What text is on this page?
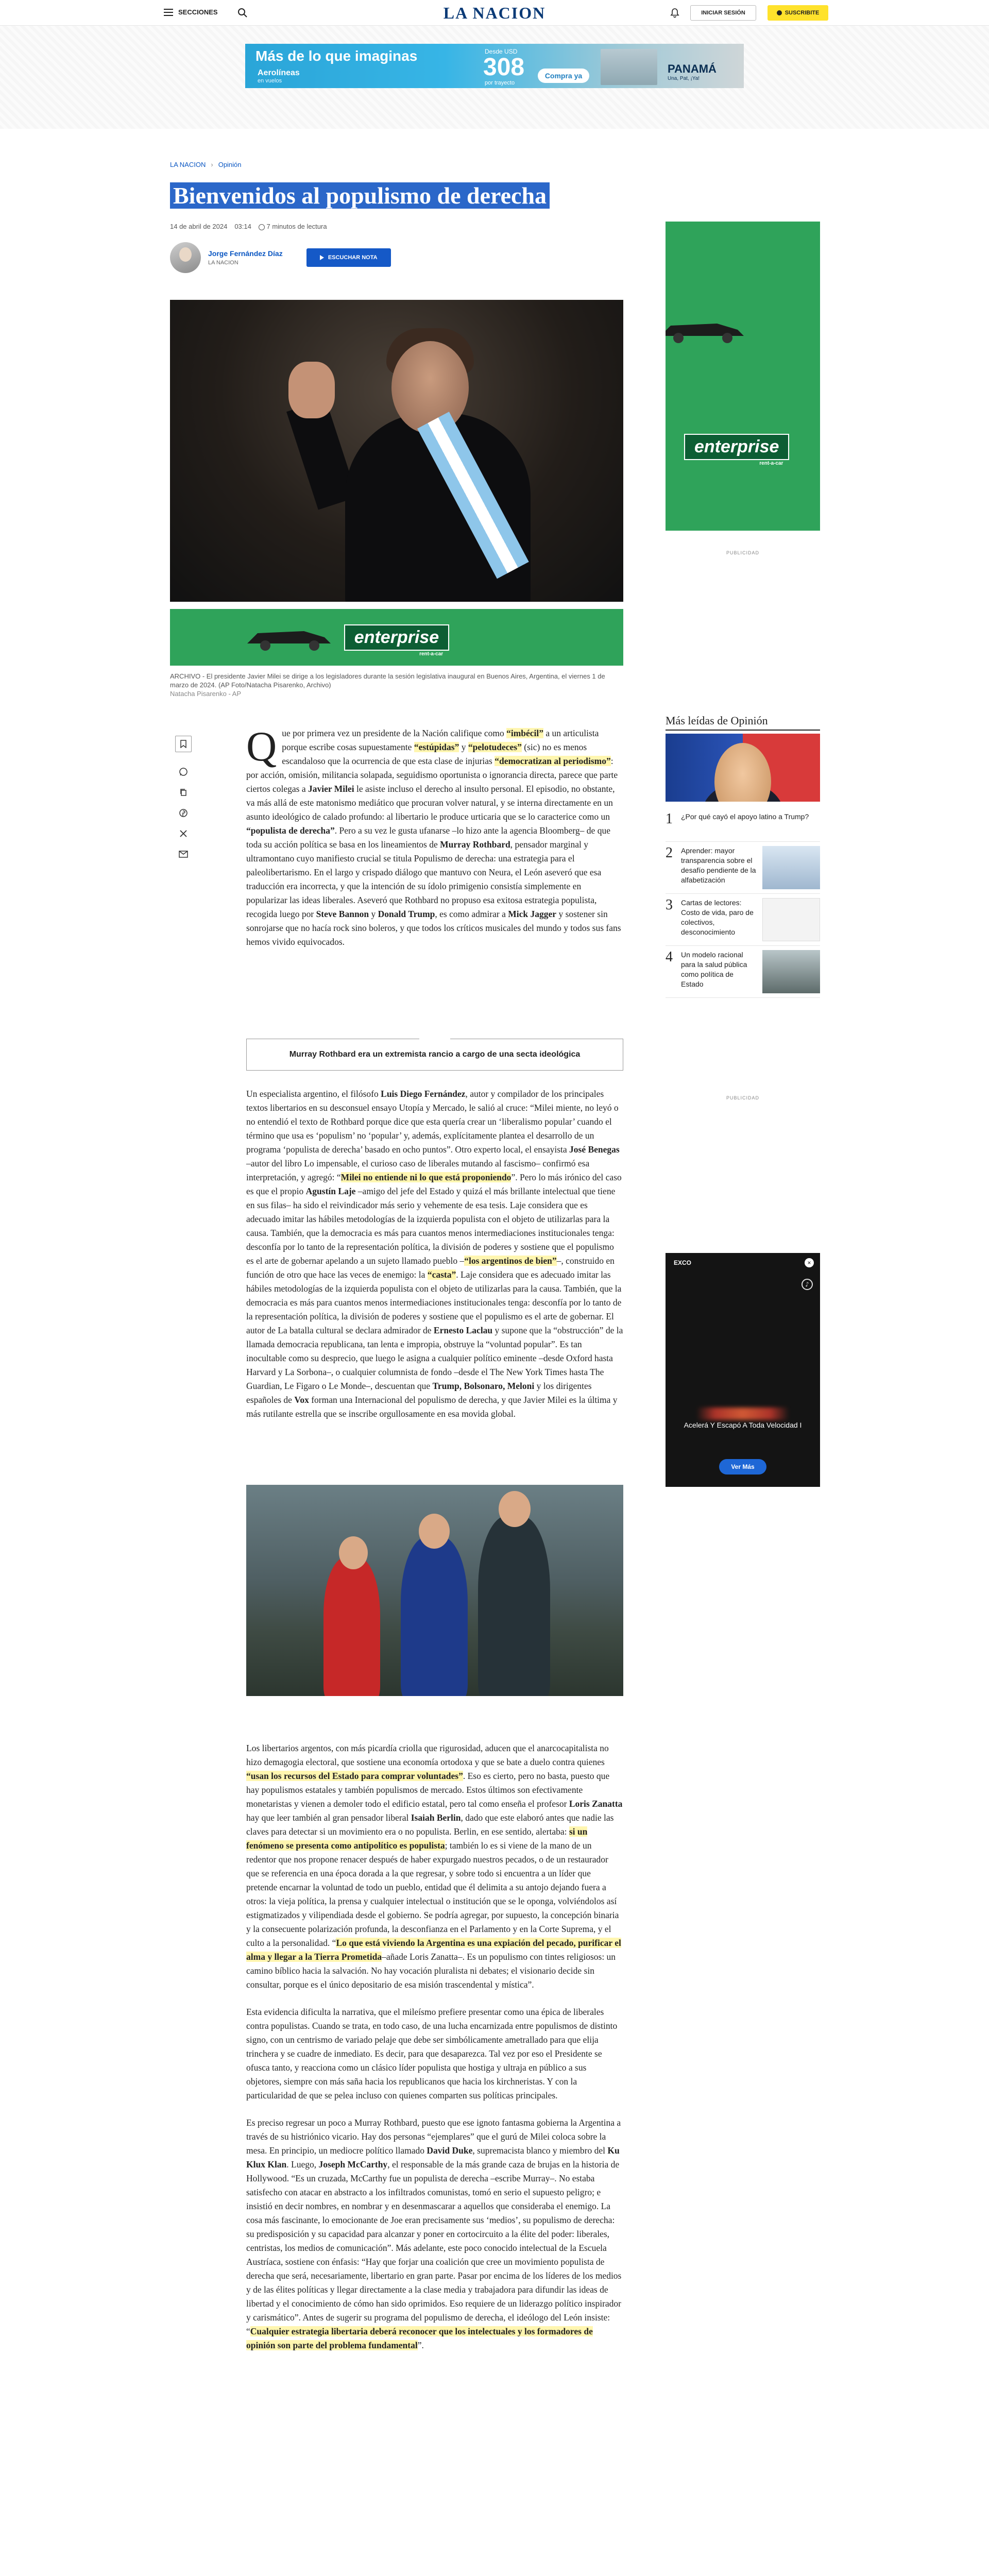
SECCIONES	LA NACION	INICIAR SESIÓN	SUSCRIBITE
Más de lo que imaginas
Aerolíneas
en vuelos
Desde USD
308
por trayecto
Compra ya
PANAMÁ
Una, Pat, ¡Ya!
LA NACION › Opinión
Bienvenidos al populismo de derecha
14 de abril de 2024 03:14	7 minutos de lectura
Jorge Fernández Díaz
LA NACION
ESCUCHAR NOTA
enterprise
rent-a-car
ARCHIVO - El presidente Javier Milei se dirige a los legisladores durante la sesión legislativa inaugural en Buenos Aires, Argentina, el viernes 1 de marzo de 2024. (AP Foto/Natacha Pisarenko, Archivo)
Natacha Pisarenko - AP

Que por primera vez un presidente de la Nación califique como “imbécil” a un articulista porque escribe cosas supuestamente “estúpidas” y “pelotudeces” (sic) no es menos escandaloso que la ocurrencia de que esta clase de injurias “democratizan al periodismo”: por acción, omisión, militancia solapada, seguidismo oportunista o ignorancia directa, parece que parte ciertos colegas a Javier Milei le asiste incluso el derecho al insulto personal. El episodio, no obstante, va más allá de este matonismo mediático que procuran volver natural, y se interna directamente en un asunto ideológico de calado profundo: al libertario le produce urticaria que se lo caracterice como un “populista de derecha”. Pero a su vez le gusta ufanarse –lo hizo ante la agencia Bloomberg– de que toda su acción política se basa en los lineamientos de Murray Rothbard, pensador marginal y ultramontano cuyo manifiesto crucial se titula Populismo de derecha: una estrategia para el paleolibertarismo. En el largo y crispado diálogo que mantuvo con Neura, el León aseveró que esa traducción era incorrecta, y que la intención de su ídolo primigenio consistía simplemente en popularizar las ideas liberales. Aseveró que Rothbard no propuso esa exitosa estrategia populista, recogida luego por Steve Bannon y Donald Trump, es como admirar a Mick Jagger y sostener sin sonrojarse que no hacía rock sino boleros, y que todos los críticos musicales del mundo y todos sus fans hemos vivido equivocados.

Murray Rothbard era un extremista rancio a cargo de una secta ideológica

Un especialista argentino, el filósofo Luis Diego Fernández, autor y compilador de los principales textos libertarios en su desconsuel ensayo Utopía y Mercado, le salió al cruce: “Milei miente, no leyó o no entendió el texto de Rothbard porque dice que esta quería crear un ‘liberalismo popular’ cuando el término que usa es ‘populism’ no ‘popular’ y, además, explícitamente plantea el desarrollo de un programa ‘populista de derecha’ basado en ocho puntos”. Otro experto local, el ensayista José Benegas –autor del libro Lo impensable, el curioso caso de liberales mutando al fascismo– confirmó esa interpretación, y agregó: “Milei no entiende ni lo que está proponiendo”. Pero lo más irónico del caso es que el propio Agustín Laje –amigo del jefe del Estado y quizá el más brillante intelectual que tiene en sus filas– ha sido el reivindicador más serio y vehemente de esa tesis. Laje considera que es adecuado imitar las hábiles metodologías de la izquierda populista con el objeto de utilizarlas para la causa. También, que la democracia es más para cuantos menos intermediaciones institucionales tenga: desconfía por lo tanto de la representación política, la división de poderes y sostiene que el populismo es el arte de gobernar apelando a un sujeto llamado pueblo –“los argentinos de bien”–, construido en función de otro que hace las veces de enemigo: la “casta”. Laje considera que es adecuado imitar las hábiles metodologías de la izquierda populista con el objeto de utilizarlas para la causa. También, que la democracia es más para cuantos menos intermediaciones institucionales tenga: desconfía por lo tanto de la representación política, la división de poderes y sostiene que el populismo es el arte de gobernar. El autor de La batalla cultural se declara admirador de Ernesto Laclau y supone que la “obstrucción” de la llamada democracia republicana, tan lenta e impropia, obstruye la “voluntad popular”. Es tan inocultable como su desprecio, que luego le asigna a cualquier político eminente –desde Oxford hasta Harvard y La Sorbona–, o cualquier columnista de fondo –desde el The New York Times hasta The Guardian, Le Figaro o Le Monde–, descuentan que Trump, Bolsonaro, Meloni y los dirigentes españoles de Vox forman una Internacional del populismo de derecha, y que Javier Milei es la última y más rutilante estrella que se inscribe orgullosamente en esa movida global.

Los libertarios argentos, con más picardía criolla que rigurosidad, aducen que el anarcocapitalista no hizo demagogia electoral, que sostiene una economía ortodoxa y que se bate a duelo contra quienes “usan los recursos del Estado para comprar voluntades”. Eso es cierto, pero no basta, puesto que hay populismos estatales y también populismos de mercado. Estos últimos son efectivamente monetaristas y vienen a demoler todo el edificio estatal, pero tal como enseña el profesor Loris Zanatta hay que leer también al gran pensador liberal Isaiah Berlin, dado que este elaboró antes que nadie las claves para detectar si un movimiento era o no populista. Berlin, en ese sentido, alertaba: si un fenómeno se presenta como antipolítico es populista; también lo es si viene de la mano de un redentor que nos propone renacer después de haber expurgado nuestros pecados, o de un restaurador que se referencia en una época dorada a la que regresar, y sobre todo si encuentra a un líder que pretende encarnar la voluntad de todo un pueblo, entidad que él delimita a su antojo dejando fuera a otros: la vieja política, la prensa y cualquier intelectual o institución que se le oponga, volviéndolos así estigmatizados y vilipendiada desde el gobierno. Se podría agregar, por supuesto, la concepción binaria y la consecuente polarización profunda, la desconfianza en el Parlamento y en la Corte Suprema, y el culto a la personalidad. “Lo que está viviendo la Argentina es una expiación del pecado, purificar el alma y llegar a la Tierra Prometida–añade Loris Zanatta–. Es un populismo con tintes religiosos: un camino bíblico hacia la salvación. No hay vocación pluralista ni debates; el visionario decide sin consultar, porque es el único depositario de esa misión trascendental y mística”.

Esta evidencia dificulta la narrativa, que el mileísmo prefiere presentar como una épica de liberales contra populistas. Cuando se trata, en todo caso, de una lucha encarnizada entre populismos de distinto signo, con un centrismo de variado pelaje que debe ser simbólicamente ametrallado para que elija trinchera y se cuadre de inmediato. Es decir, para que desaparezca. Tal vez por eso el Presidente se ofusca tanto, y reacciona como un clásico líder populista que hostiga y ultraja en público a sus objetores, siempre con más saña hacia los republicanos que hacia los kirchneristas. Y con la particularidad de que se pelea incluso con quienes comparten sus políticas principales.

Es preciso regresar un poco a Murray Rothbard, puesto que ese ignoto fantasma gobierna la Argentina a través de su histriónico vicario. Hay dos personas “ejemplares” que el gurú de Milei coloca sobre la mesa. En principio, un mediocre político llamado David Duke, supremacista blanco y miembro del Ku Klux Klan. Luego, Joseph McCarthy, el responsable de la más grande caza de brujas en la historia de Hollywood. “Es un cruzada, McCarthy fue un populista de derecha –escribe Murray–. No estaba satisfecho con atacar en abstracto a los infiltrados comunistas, tomó en serio el supuesto peligro; e insistió en decir nombres, en nombrar y en desenmascarar a aquellos que consideraba el enemigo. La cosa más fascinante, lo emocionante de Joe eran precisamente sus ‘medios’, su populismo de derecha: su predisposición y su capacidad para alcanzar y poner en cortocircuito a la élite del poder: liberales, centristas, los medios de comunicación”. Más adelante, este poco conocido intelectual de la Escuela Austríaca, sostiene con énfasis: “Hay que forjar una coalición que cree un movimiento populista de derecha que será, necesariamente, libertario en gran parte. Pasar por encima de los líderes de los medios y de las élites políticas y llegar directamente a la clase media y trabajadora para difundir las ideas de libertad y el conocimiento de cómo han sido oprimidos. Eso requiere de un liderazgo político inspirador y carismático”. Antes de sugerir su programa del populismo de derecha, el ideólogo del León insiste: “Cualquier estrategia libertaria deberá reconocer que los intelectuales y los formadores de opinión son parte del problema fundamental”.

enterprise
rent-a-car
PUBLICIDAD
Más leídas de Opinión
1 ¿Por qué cayó el apoyo latino a Trump?
2 Aprender: mayor transparencia sobre el desafío pendiente de la alfabetización
3 Cartas de lectores: Costo de vida, paro de colectivos, desconocimiento
4 Un modelo racional para la salud pública como política de Estado
PUBLICIDAD
EXCO	×
♪
Acelerá Y Escapó A Toda Velocidad I
Ver Más
